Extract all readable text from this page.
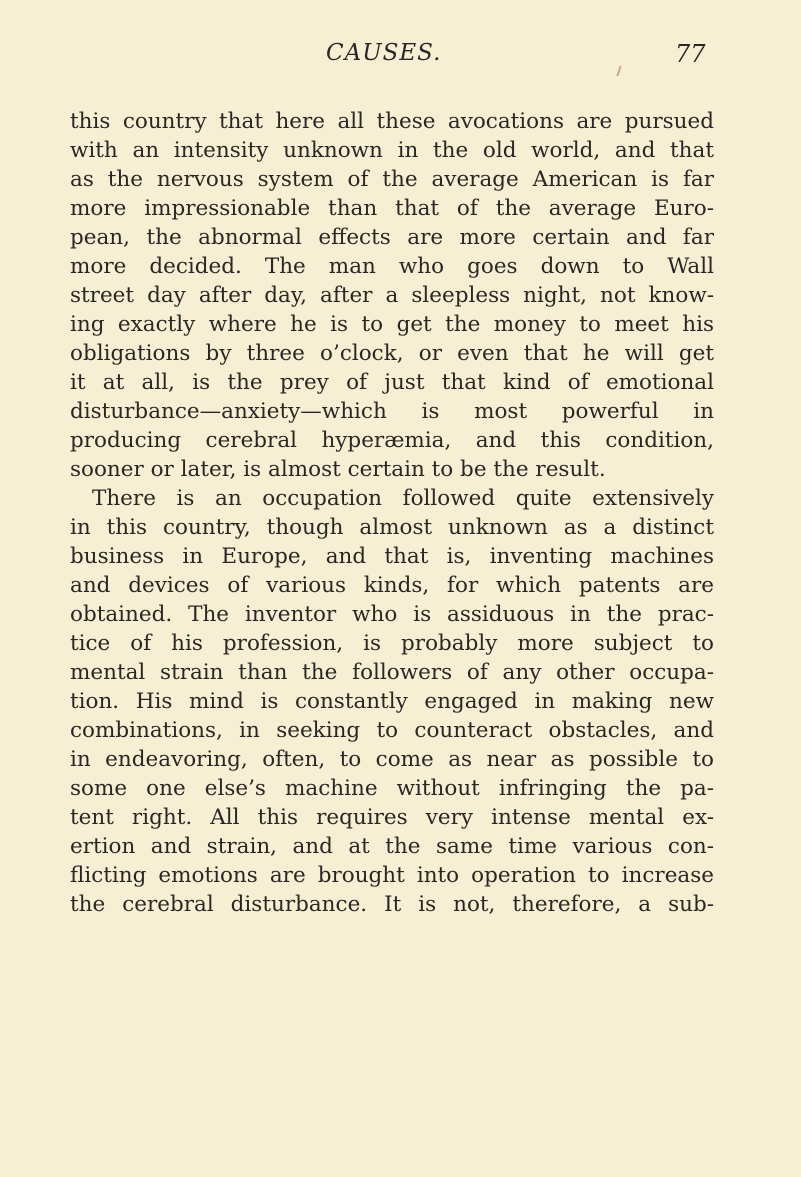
CAUSES.	77
this country that here all these avocations are pursued
with an intensity unknown in the old world, and that
as the nervous system of the average American is far
more impressionable than that of the average Euro-
pean, the abnormal effects are more certain and far
more decided. The man who goes down to Wall
street day after day, after a sleepless night, not know-
ing exactly where he is to get the money to meet his
obligations by three o’clock, or even that he will get
it at all, is the prey of just that kind of emotional
disturbance—anxiety—which is most powerful in
producing cerebral hyperæmia, and this condition,
sooner or later, is almost certain to be the result.
There is an occupation followed quite extensively
in this country, though almost unknown as a distinct
business in Europe, and that is, inventing machines
and devices of various kinds, for which patents are
obtained. The inventor who is assiduous in the prac-
tice of his profession, is probably more subject to
mental strain than the followers of any other occupa-
tion. His mind is constantly engaged in making new
combinations, in seeking to counteract obstacles, and
in endeavoring, often, to come as near as possible to
some one else’s machine without infringing the pa-
tent right. All this requires very intense mental ex-
ertion and strain, and at the same time various con-
flicting emotions are brought into operation to increase
the cerebral disturbance. It is not, therefore, a sub-
